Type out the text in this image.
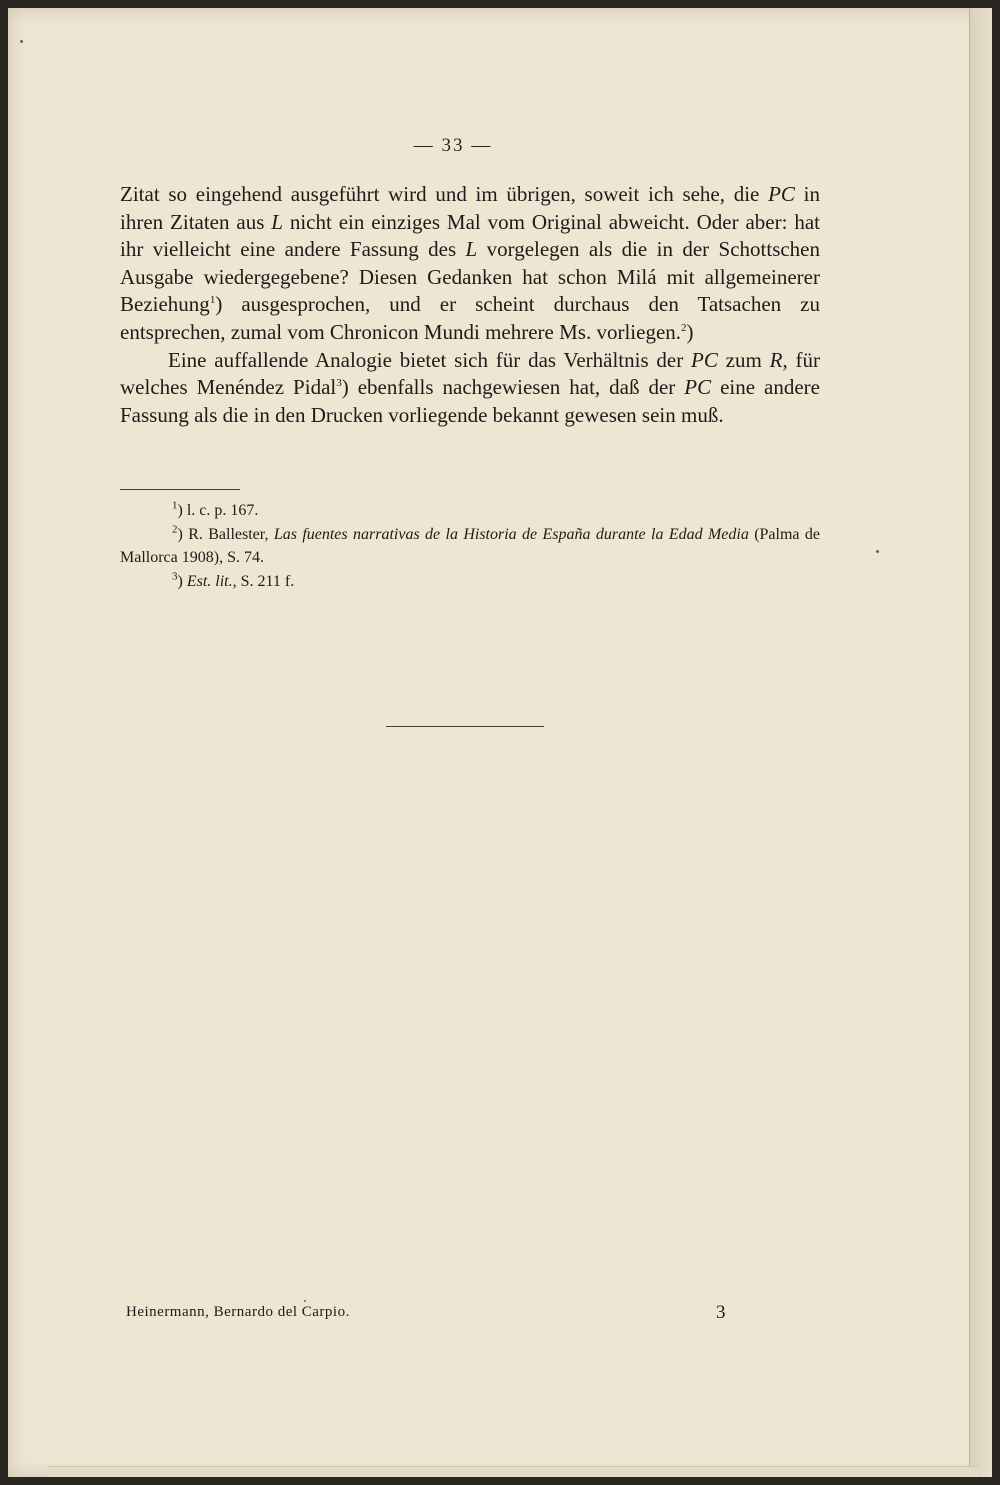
— 33 —

Zitat so eingehend ausgeführt wird und im übrigen, soweit ich sehe, die PC in ihren Zitaten aus L nicht ein einziges Mal vom Original abweicht. Oder aber: hat ihr vielleicht eine andere Fassung des L vorgelegen als die in der Schottschen Ausgabe wiedergegebene? Diesen Gedanken hat schon Milá mit allgemeinerer Beziehung$^1$) ausgesprochen, und er scheint durchaus den Tatsachen zu entsprechen, zumal vom Chronicon Mundi mehrere Ms. vorliegen.$^2$)

Eine auffallende Analogie bietet sich für das Verhältnis der PC zum R, für welches Menéndez Pidal$^3$) ebenfalls nachgewiesen hat, daß der PC eine andere Fassung als die in den Drucken vorliegende bekannt gewesen sein muß.

$^1$) l. c. p. 167.

$^2$) R. Ballester, Las fuentes narrativas de la Historia de España durante la Edad Media (Palma de Mallorca 1908), S. 74.

$^3$) Est. lit., S. 211 f.

Heinermann, Bernardo del Carpio.	3
